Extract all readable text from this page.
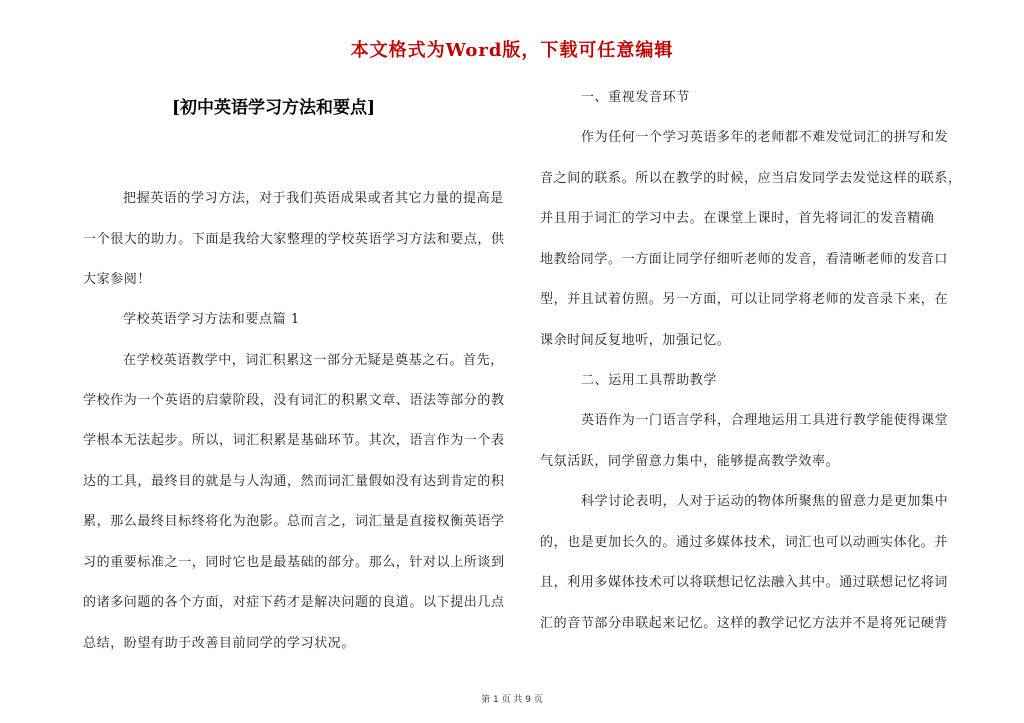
本文格式为Word版，下载可任意编辑
[初中英语学习方法和要点]

把握英语的学习方法，对于我们英语成果或者其它力量的提高是

一个很大的助力。下面是我给大家整理的学校英语学习方法和要点，供

大家参阅！

学校英语学习方法和要点篇 1

在学校英语教学中，词汇积累这一部分无疑是奠基之石。首先，

学校作为一个英语的启蒙阶段，没有词汇的积累文章、语法等部分的教

学根本无法起步。所以，词汇积累是基础环节。其次，语言作为一个表

达的工具，最终目的就是与人沟通，然而词汇量假如没有达到肯定的积

累，那么最终目标终将化为泡影。总而言之，词汇量是直接权衡英语学

习的重要标准之一，同时它也是最基础的部分。那么，针对以上所谈到

的诸多问题的各个方面，对症下药才是解决问题的良道。以下提出几点

总结，盼望有助于改善目前同学的学习状况。

一、重视发音环节

作为任何一个学习英语多年的老师都不难发觉词汇的拼写和发

音之间的联系。所以在教学的时候，应当启发同学去发觉这样的联系，

并且用于词汇的学习中去。在课堂上课时，首先将词汇的发音精确

地教给同学。一方面让同学仔细听老师的发音，看清晰老师的发音口

型，并且试着仿照。另一方面，可以让同学将老师的发音录下来，在

课余时间反复地听，加强记忆。

二、运用工具帮助教学

英语作为一门语言学科，合理地运用工具进行教学能使得课堂

气氛活跃，同学留意力集中，能够提高教学效率。

科学讨论表明，人对于运动的物体所聚焦的留意力是更加集中

的，也是更加长久的。通过多媒体技术，词汇也可以动画实体化。并

且，利用多媒体技术可以将联想记忆法融入其中。通过联想记忆将词

汇的音节部分串联起来记忆。这样的教学记忆方法并不是将死记硬背

第 1 页 共 9 页
